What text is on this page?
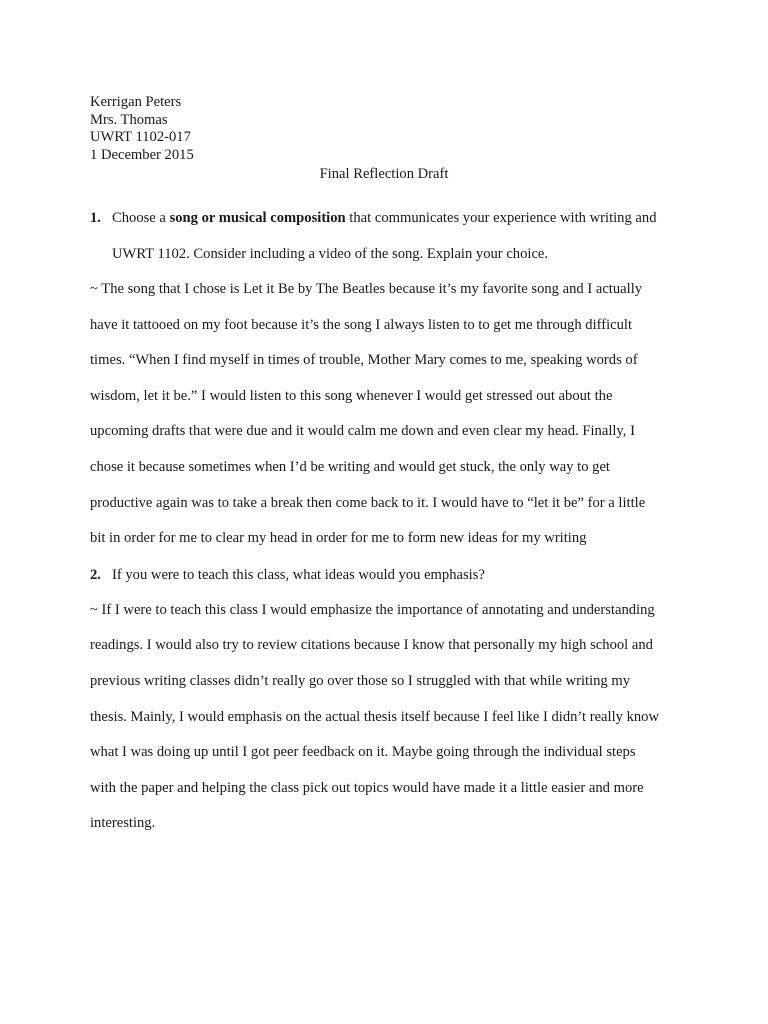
Kerrigan Peters
Mrs. Thomas
UWRT 1102-017
1 December 2015
Final Reflection Draft
1. Choose a song or musical composition that communicates your experience with writing and
UWRT 1102. Consider including a video of the song. Explain your choice.
~ The song that I chose is Let it Be by The Beatles because it’s my favorite song and I actually
have it tattooed on my foot because it’s the song I always listen to to get me through difficult
times. “When I find myself in times of trouble, Mother Mary comes to me, speaking words of
wisdom, let it be.” I would listen to this song whenever I would get stressed out about the
upcoming drafts that were due and it would calm me down and even clear my head. Finally, I
chose it because sometimes when I’d be writing and would get stuck, the only way to get
productive again was to take a break then come back to it. I would have to “let it be” for a little
bit in order for me to clear my head in order for me to form new ideas for my writing
2. If you were to teach this class, what ideas would you emphasis?
~ If I were to teach this class I would emphasize the importance of annotating and understanding
readings. I would also try to review citations because I know that personally my high school and
previous writing classes didn’t really go over those so I struggled with that while writing my
thesis. Mainly, I would emphasis on the actual thesis itself because I feel like I didn’t really know
what I was doing up until I got peer feedback on it. Maybe going through the individual steps
with the paper and helping the class pick out topics would have made it a little easier and more
interesting.
